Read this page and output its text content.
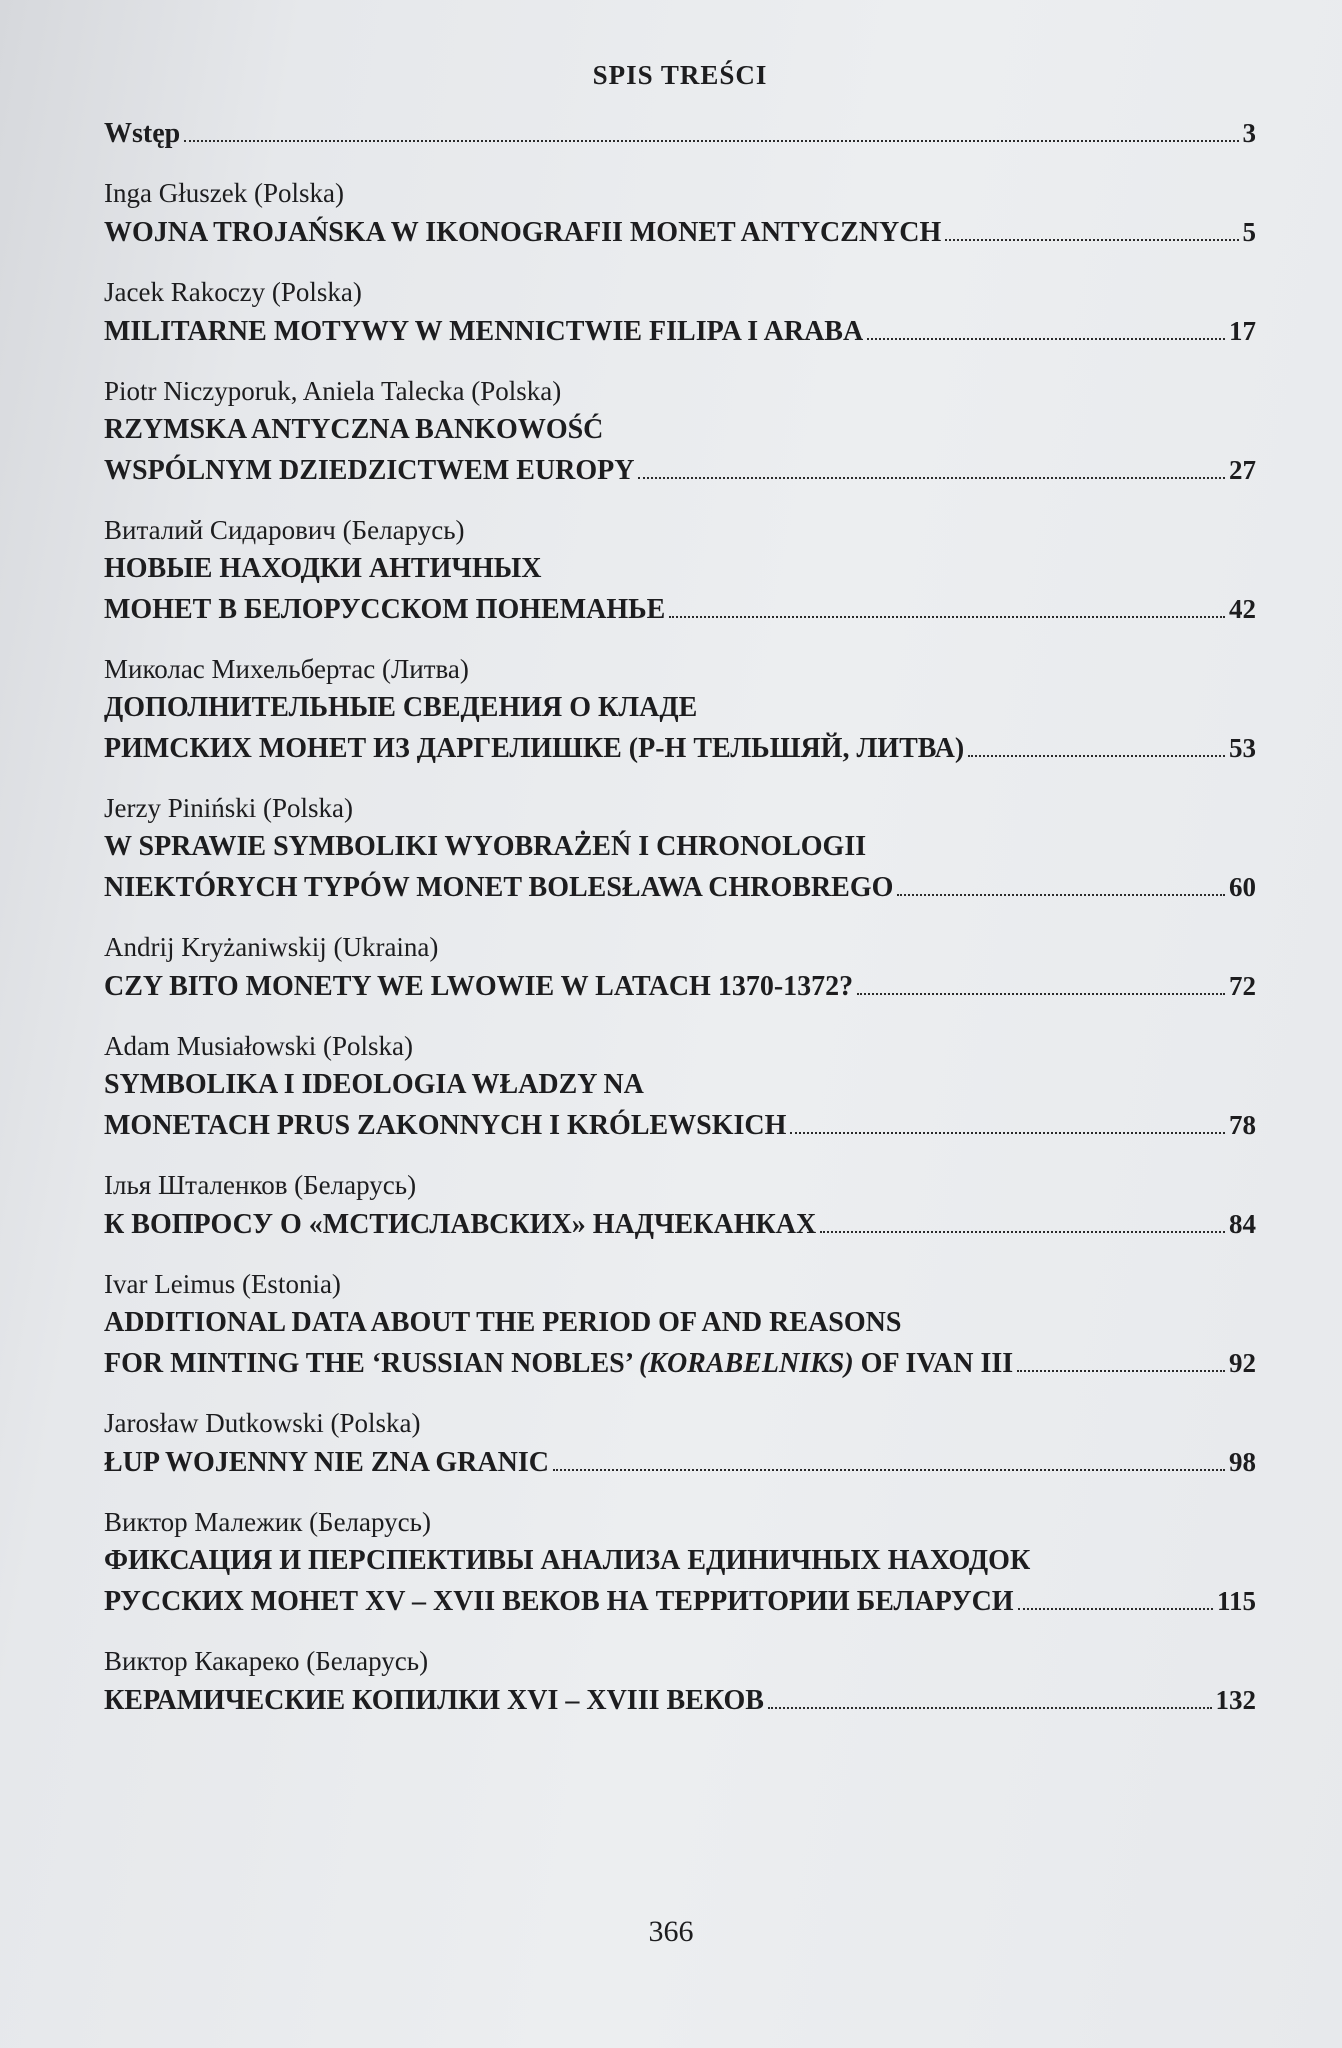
SPIS TREŚCI
Wstęp	3
Inga Głuszek (Polska)
WOJNA TROJAŃSKA W IKONOGRAFII MONET ANTYCZNYCH	5
Jacek Rakoczy (Polska)
MILITARNE MOTYWY W MENNICTWIE FILIPA I ARABA	17
Piotr Niczyporuk, Aniela Talecka (Polska)
RZYMSKA ANTYCZNA BANKOWOŚĆ
WSPÓLNYM DZIEDZICTWEM EUROPY	27
Виталий Сидарович (Беларусь)
НОВЫЕ НАХОДКИ АНТИЧНЫХ
МОНЕТ В БЕЛОРУССКОМ ПОНЕМАНЬЕ	42
Миколас Михельбертас (Литва)
ДОПОЛНИТЕЛЬНЫЕ СВЕДЕНИЯ О КЛАДЕ
РИМСКИХ МОНЕТ ИЗ ДАРГЕЛИШКЕ (Р-Н ТЕЛЬШЯЙ, ЛИТВА)	53
Jerzy Piniński (Polska)
W SPRAWIE SYMBOLIKI WYOBRAŻEŃ I CHRONOLOGII
NIEKTÓRYCH TYPÓW MONET BOLESŁAWA CHROBREGO	60
Andrij Kryżaniwskij (Ukraina)
CZY BITO MONETY WE LWOWIE W LATACH 1370-1372?	72
Adam Musiałowski (Polska)
SYMBOLIKA I IDEOLOGIA WŁADZY NA
MONETACH PRUS ZAKONNYCH I KRÓLEWSKICH	78
Ілья Шталенков (Беларусь)
К ВОПРОСУ О «МСТИСЛАВСКИХ» НАДЧЕКАНКАХ	84
Ivar Leimus (Estonia)
ADDITIONAL DATA ABOUT THE PERIOD OF AND REASONS
FOR MINTING THE ‘RUSSIAN NOBLES’ (KORABELNIKS) OF IVAN III	92
Jarosław Dutkowski (Polska)
ŁUP WOJENNY NIE ZNA GRANIC	98
Виктор Малежик (Беларусь)
ФИКСАЦИЯ И ПЕРСПЕКТИВЫ АНАЛИЗА ЕДИНИЧНЫХ НАХОДОК
РУССКИХ МОНЕТ XV – XVII ВЕКОВ НА ТЕРРИТОРИИ БЕЛАРУСИ	115
Виктор Какареко (Беларусь)
КЕРАМИЧЕСКИЕ КОПИЛКИ XVI – XVIII ВЕКОВ	132
366
